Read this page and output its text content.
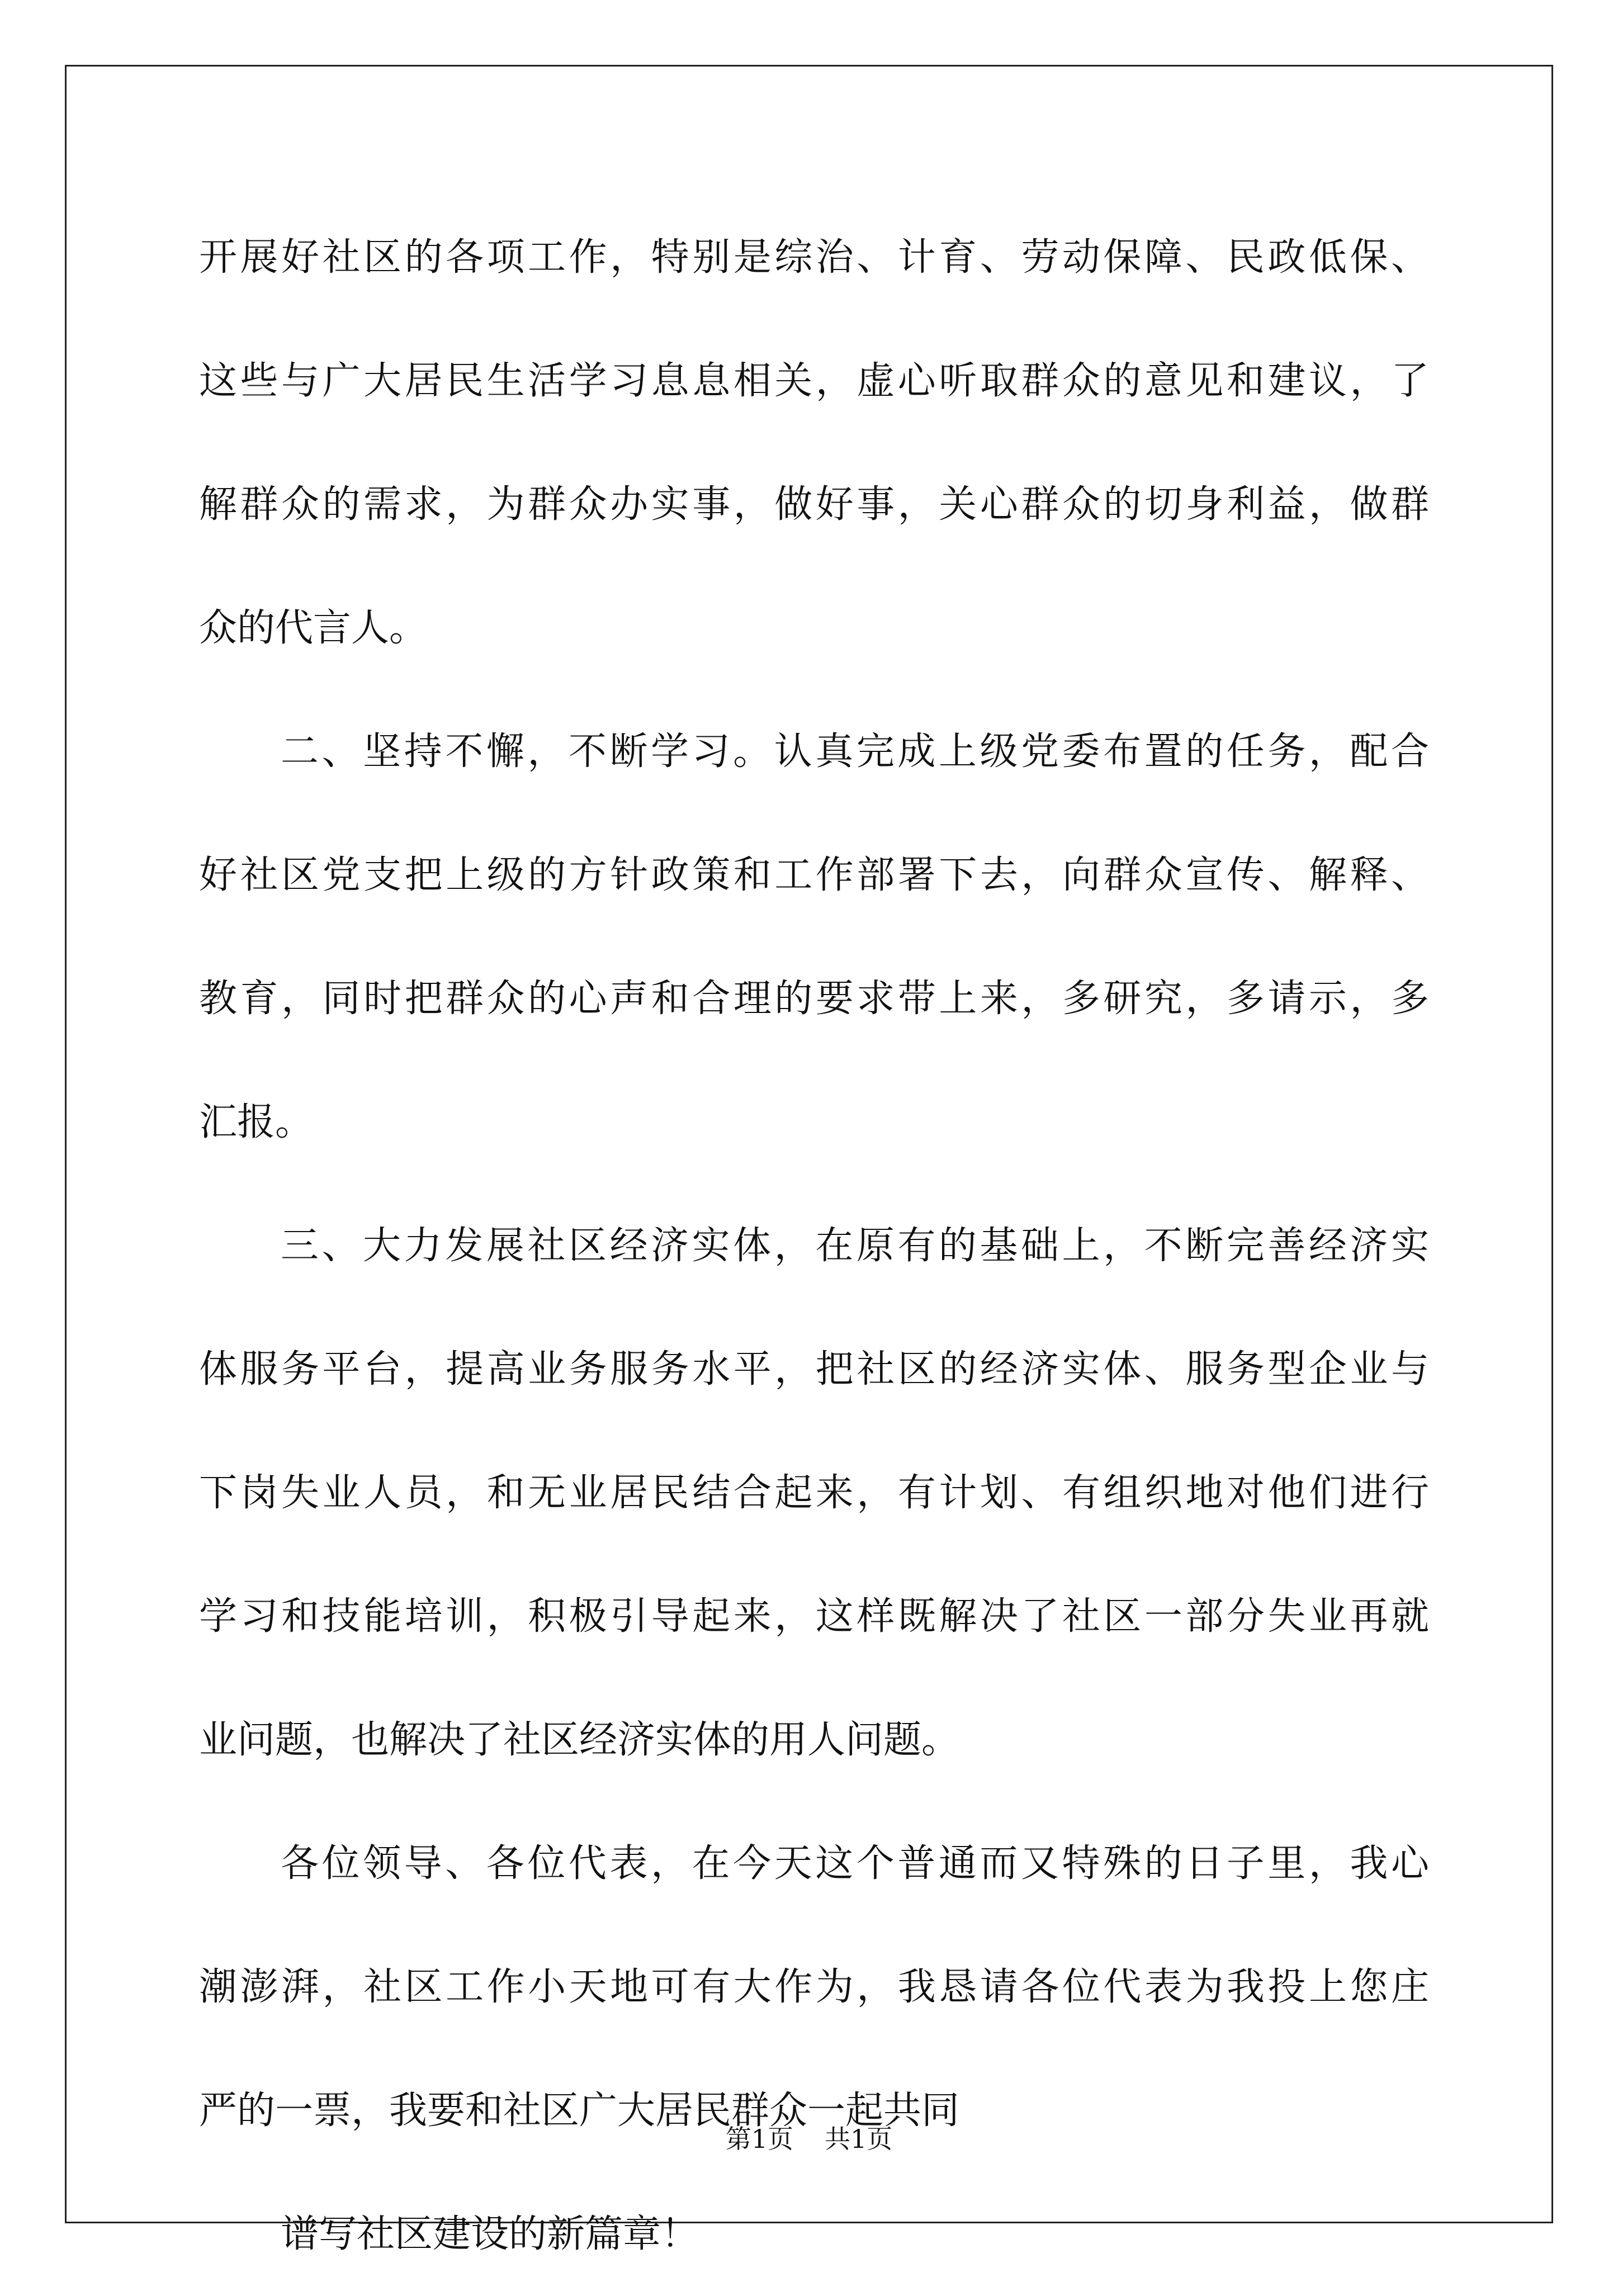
开展好社区的各项工作，特别是综治、计育、劳动保障、民政低保、
这些与广大居民生活学习息息相关，虚心听取群众的意见和建议，了
解群众的需求，为群众办实事，做好事，关心群众的切身利益，做群
众的代言人。
二、坚持不懈，不断学习。认真完成上级党委布置的任务，配合
好社区党支把上级的方针政策和工作部署下去，向群众宣传、解释、
教育，同时把群众的心声和合理的要求带上来，多研究，多请示，多
汇报。
三、大力发展社区经济实体，在原有的基础上，不断完善经济实
体服务平台，提高业务服务水平，把社区的经济实体、服务型企业与
下岗失业人员，和无业居民结合起来，有计划、有组织地对他们进行
学习和技能培训，积极引导起来，这样既解决了社区一部分失业再就
业问题，也解决了社区经济实体的用人问题。
各位领导、各位代表，在今天这个普通而又特殊的日子里，我心
潮澎湃，社区工作小天地可有大作为，我恳请各位代表为我投上您庄
严的一票，我要和社区广大居民群众一起共同
谱写社区建设的新篇章！
第1页 共1页
